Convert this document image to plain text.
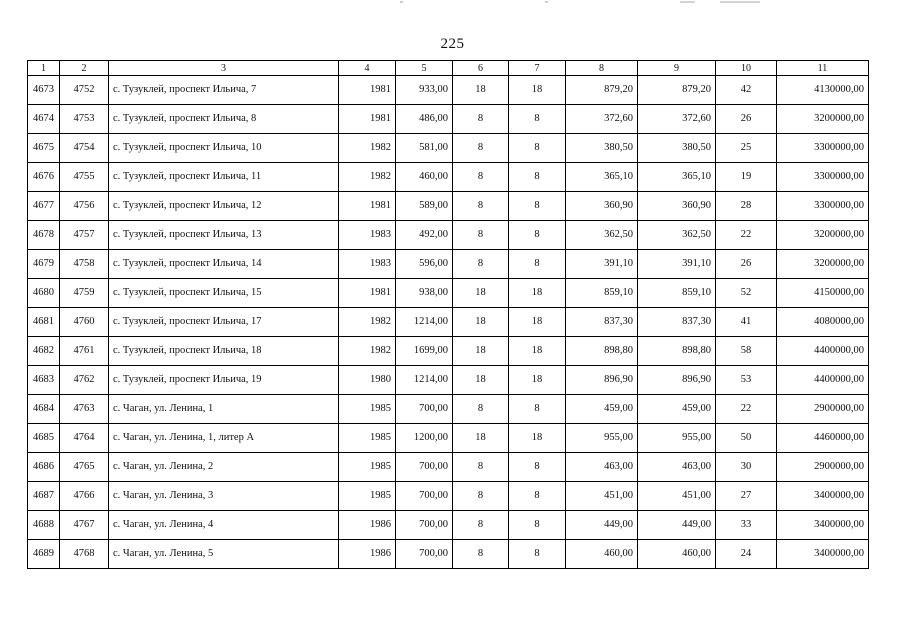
225
1	2	3	4	5	6	7	8	9	10	11
4673	4752	с. Тузуклей, проспект Ильича, 7	1981	933,00	18	18	879,20	879,20	42	4130000,00
4674	4753	с. Тузуклей, проспект Ильича, 8	1981	486,00	8	8	372,60	372,60	26	3200000,00
4675	4754	с. Тузуклей, проспект Ильича, 10	1982	581,00	8	8	380,50	380,50	25	3300000,00
4676	4755	с. Тузуклей, проспект Ильича, 11	1982	460,00	8	8	365,10	365,10	19	3300000,00
4677	4756	с. Тузуклей, проспект Ильича, 12	1981	589,00	8	8	360,90	360,90	28	3300000,00
4678	4757	с. Тузуклей, проспект Ильича, 13	1983	492,00	8	8	362,50	362,50	22	3200000,00
4679	4758	с. Тузуклей, проспект Ильича, 14	1983	596,00	8	8	391,10	391,10	26	3200000,00
4680	4759	с. Тузуклей, проспект Ильича, 15	1981	938,00	18	18	859,10	859,10	52	4150000,00
4681	4760	с. Тузуклей, проспект Ильича, 17	1982	1214,00	18	18	837,30	837,30	41	4080000,00
4682	4761	с. Тузуклей, проспект Ильича, 18	1982	1699,00	18	18	898,80	898,80	58	4400000,00
4683	4762	с. Тузуклей, проспект Ильича, 19	1980	1214,00	18	18	896,90	896,90	53	4400000,00
4684	4763	с. Чаган, ул. Ленина, 1	1985	700,00	8	8	459,00	459,00	22	2900000,00
4685	4764	с. Чаган, ул. Ленина, 1, литер А	1985	1200,00	18	18	955,00	955,00	50	4460000,00
4686	4765	с. Чаган, ул. Ленина, 2	1985	700,00	8	8	463,00	463,00	30	2900000,00
4687	4766	с. Чаган, ул. Ленина, 3	1985	700,00	8	8	451,00	451,00	27	3400000,00
4688	4767	с. Чаган, ул. Ленина, 4	1986	700,00	8	8	449,00	449,00	33	3400000,00
4689	4768	с. Чаган, ул. Ленина, 5	1986	700,00	8	8	460,00	460,00	24	3400000,00
